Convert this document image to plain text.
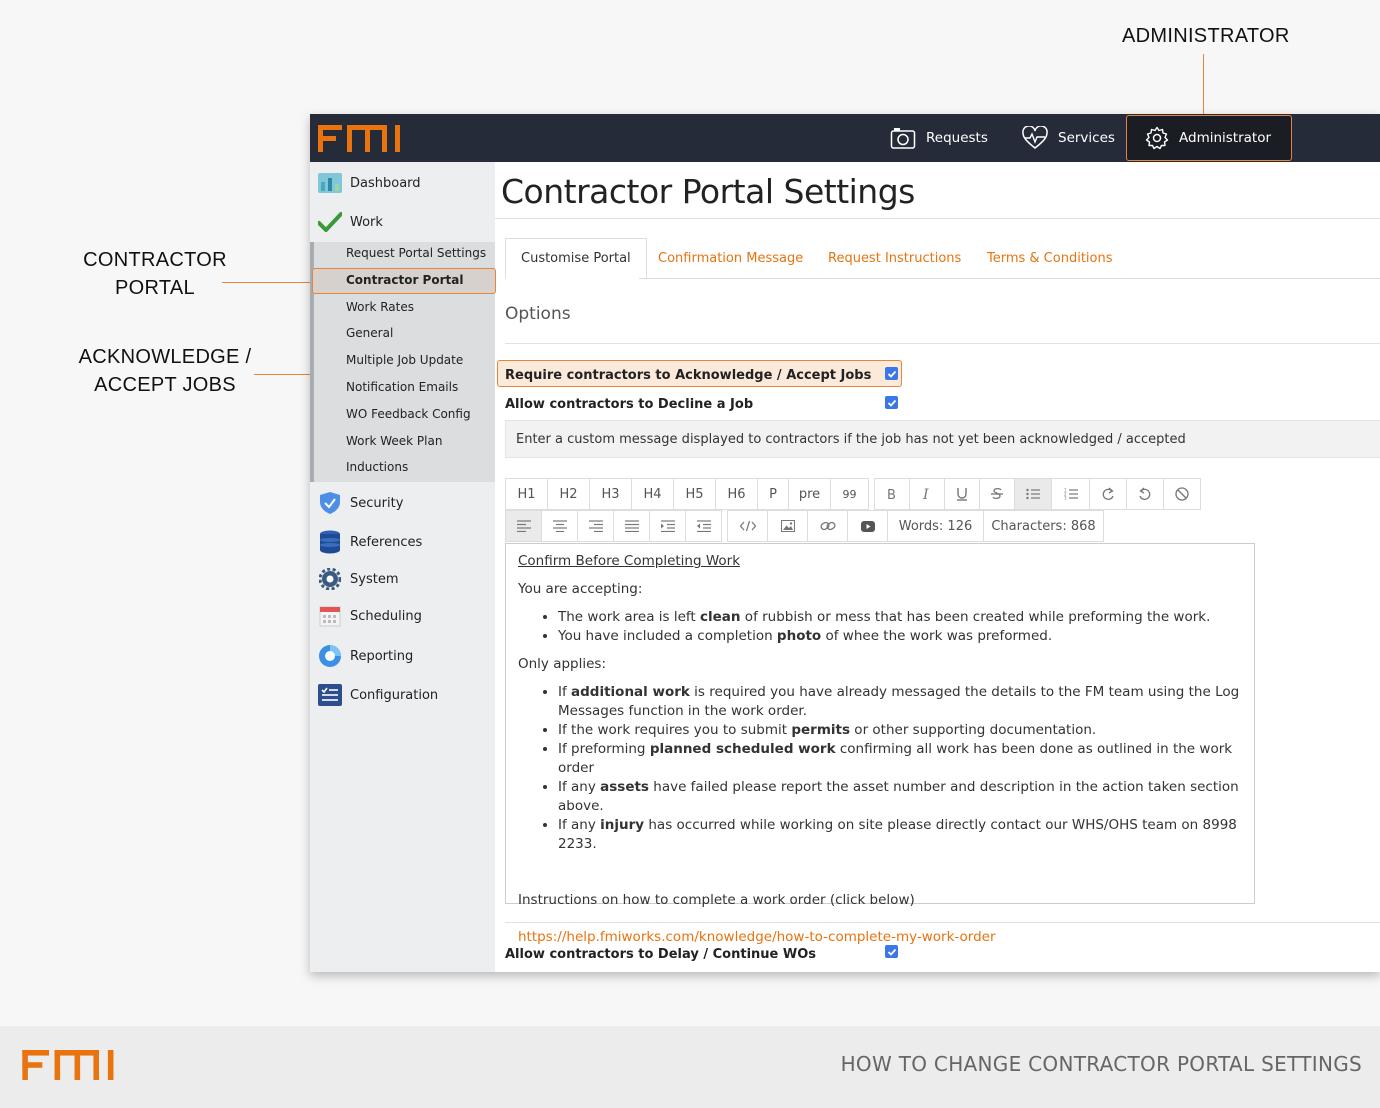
ADMINISTRATOR
CONTRACTOR
PORTAL
ACKNOWLEDGE /
ACCEPT JOBS
Requests	Services	Administrator
Dashboard
Work
Request Portal Settings
Contractor Portal
Work Rates
General
Multiple Job Update
Notification Emails
WO Feedback Config
Work Week Plan
Inductions
Security
References
System
Scheduling
Reporting
Configuration
Contractor Portal Settings
Customise Portal	Confirmation Message Request Instructions Terms & Conditions
Options
Require contractors to Acknowledge / Accept Jobs
Allow contractors to Decline a Job
Enter a custom message displayed to contractors if the job has not yet been acknowledged / accepted
H1	H2	H3	H4	H5	H6	P	pre	99	B I	1
2
3
Words: 126	Characters: 868

Confirm Before Completing Work

You are accepting:

• The work area is left clean of rubbish or mess that has been created while preforming the work.
• You have included a completion photo of whee the work was preformed.

Only applies:

• If additional work is required you have already messaged the details to the FM team using the Log Messages function in the work order.
• If the work requires you to submit permits or other supporting documentation.
• If preforming planned scheduled work confirming all work has been done as outlined in the work order
• If any assets have failed please report the asset number and description in the action taken section above.
• If any injury has occurred while working on site please directly contact our WHS/OHS team on 8998 2233.

Instructions on how to complete a work order (click below)

https://help.fmiworks.com/knowledge/how-to-complete-my-work-order

Allow contractors to Delay / Continue WOs
HOW TO CHANGE CONTRACTOR PORTAL SETTINGS
